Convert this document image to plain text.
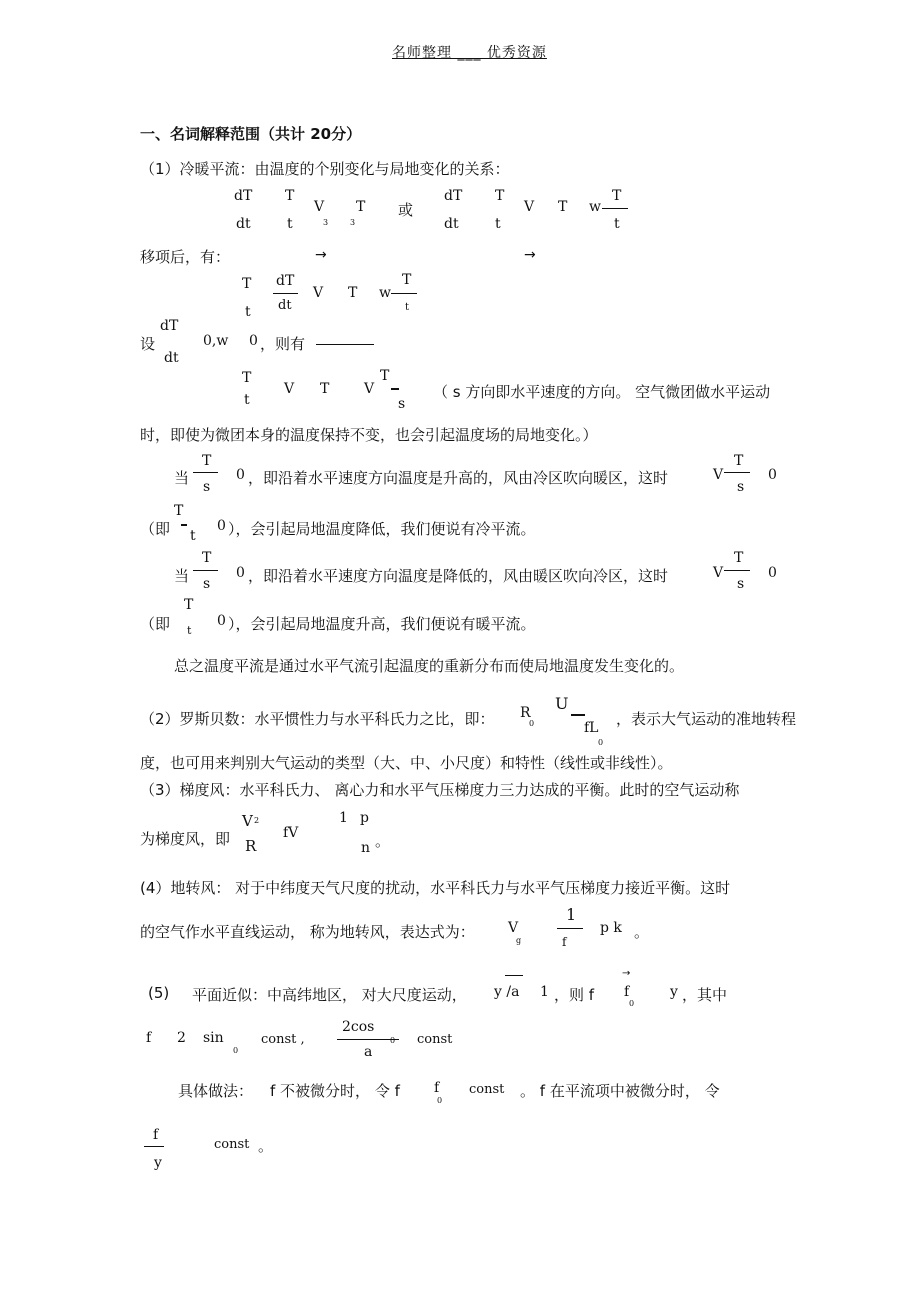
名师整理 ___ 优秀资源
一、名词解释范围（共计 20分）
（1）冷暖平流：由温度的个别变化与局地变化的关系：
dT
dt
T
t
V
3
T
3
或
dT
dt
T
t
V T w
T
t
→	→
移项后，有：
T
t
dT
dt
V T w
T
t
设
dT
dt
0,w 0 ，则有
T
t
V T V
T
s
（ s 方向即水平速度的方向。 空气微团做水平运动
时，即使为微团本身的温度保持不变，也会引起温度场的局地变化。）
当
T
s
0 ，即沿着水平速度方向温度是升高的，风由冷区吹向暖区，这时	V
T
s
0
（即
T
t
0 ），会引起局地温度降低，我们便说有冷平流。
当
T
s
0 ，即沿着水平速度方向温度是降低的，风由暖区吹向冷区，这时	V
T
s
0
（即
T
t
0 ），会引起局地温度升高，我们便说有暖平流。
总之温度平流是通过水平气流引起温度的重新分布而使局地温度发生变化的。
（2）罗斯贝数：水平惯性力与水平科氏力之比，即： R
0
U
fL
0
，表示大气运动的准地转程
度，也可用来判别大气运动的类型（大、中、小尺度）和特性（线性或非线性）。
（3）梯度风：水平科氏力、 离心力和水平气压梯度力三力达成的平衡。此时的空气运动称
为梯度风，即
V 2
R
fV
1 p
n 。
(4）地转风： 对于中纬度天气尺度的扰动，水平科氏力与水平气压梯度力接近平衡。这时
的空气作水平直线运动， 称为地转风，表达式为： V
g
1
f
p k 。
(5) 平面近似：中高纬地区， 对大尺度运动， y /a 1 ，则 f
→
f
0
y ，其中
f 2 sin
0
const ,
2cos
a
0 const
具体做法： f 不被微分时， 令 f f
0
const 。 f 在平流项中被微分时， 令
f
y
const 。
